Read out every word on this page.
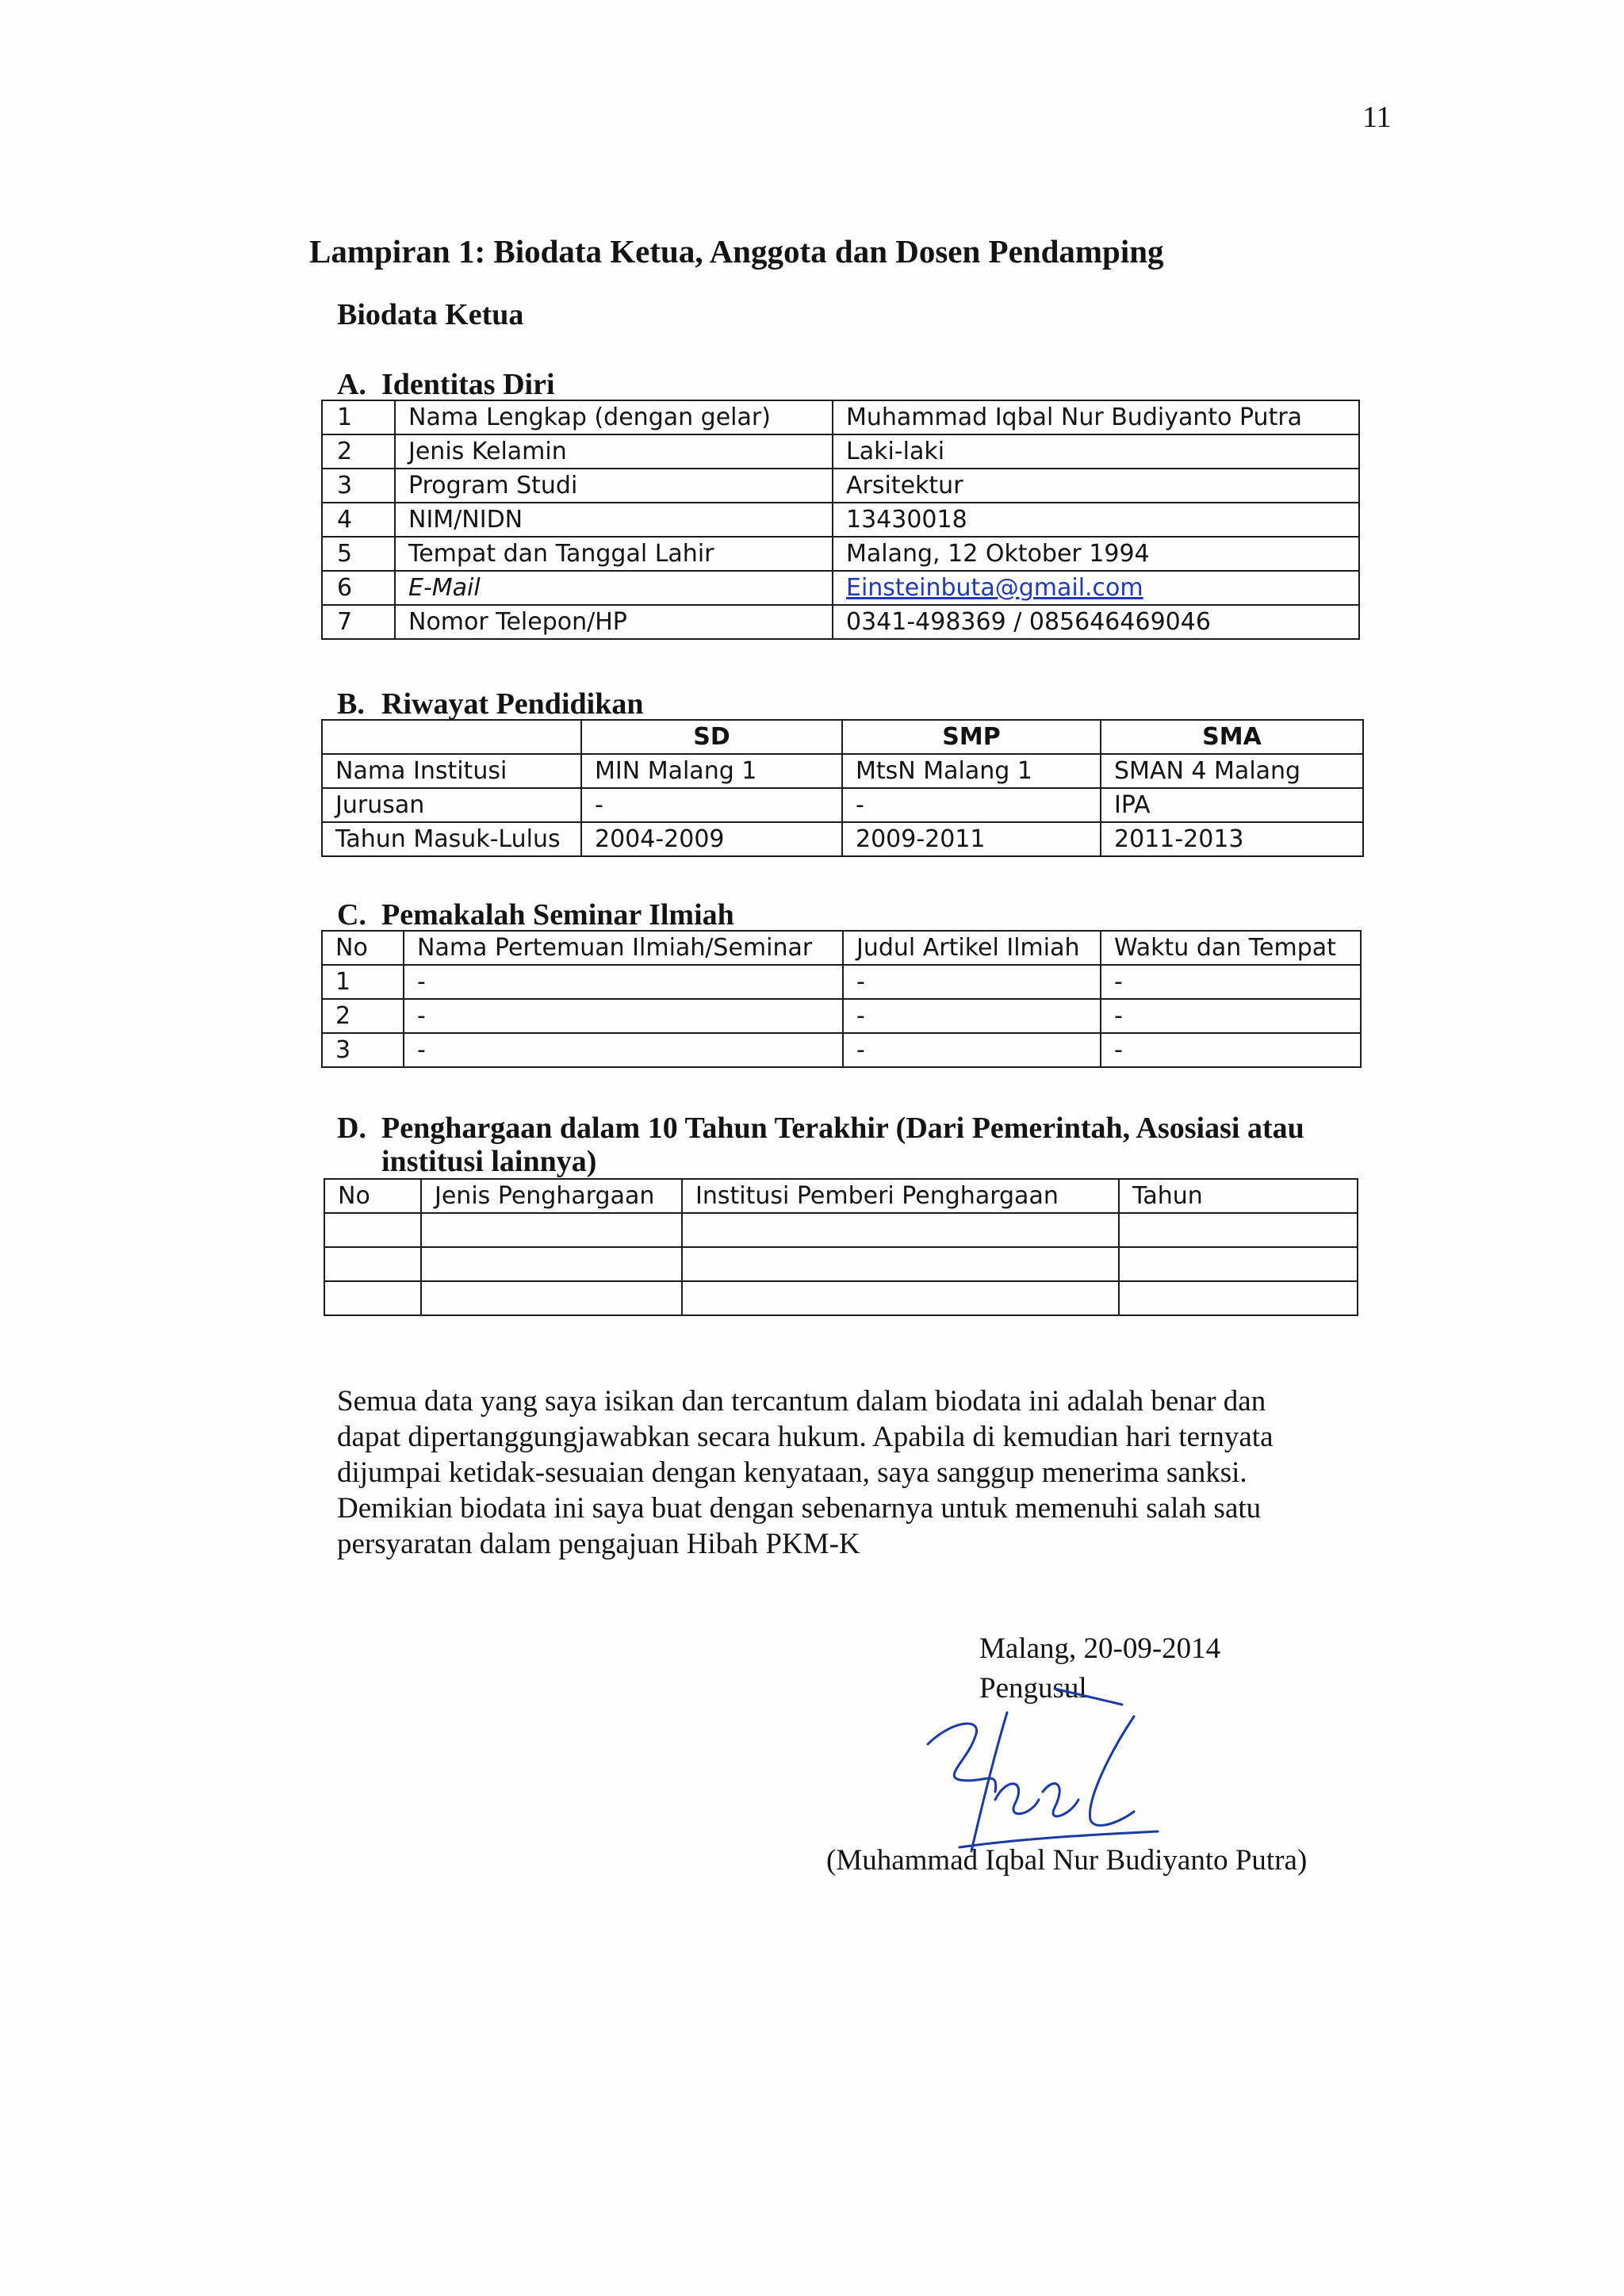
11
Lampiran 1: Biodata Ketua, Anggota dan Dosen Pendamping
Biodata Ketua
A. Identitas Diri
1	Nama Lengkap (dengan gelar)	Muhammad Iqbal Nur Budiyanto Putra
2	Jenis Kelamin	Laki-laki
3	Program Studi	Arsitektur
4	NIM/NIDN	13430018
5	Tempat dan Tanggal Lahir	Malang, 12 Oktober 1994
6	E-Mail	Einsteinbuta@gmail.com
7	Nomor Telepon/HP	0341-498369 / 085646469046
B. Riwayat Pendidikan
	SD	SMP	SMA
Nama Institusi	MIN Malang 1	MtsN Malang 1	SMAN 4 Malang
Jurusan	-	-	IPA
Tahun Masuk-Lulus	2004-2009	2009-2011	2011-2013
C. Pemakalah Seminar Ilmiah
No	Nama Pertemuan Ilmiah/Seminar	Judul Artikel Ilmiah	Waktu dan Tempat
1	-	-	-
2	-	-	-
3	-	-	-
D. Penghargaan dalam 10 Tahun Terakhir (Dari Pemerintah, Asosiasi atau
institusi lainnya)
No	Jenis Penghargaan	Institusi Pemberi Penghargaan	Tahun

Semua data yang saya isikan dan tercantum dalam biodata ini adalah benar dan

dapat dipertanggungjawabkan secara hukum. Apabila di kemudian hari ternyata

dijumpai ketidak-sesuaian dengan kenyataan, saya sanggup menerima sanksi.

Demikian biodata ini saya buat dengan sebenarnya untuk memenuhi salah satu

persyaratan dalam pengajuan Hibah PKM-K

Malang, 20-09-2014
Pengusul
(Muhammad Iqbal Nur Budiyanto Putra)
